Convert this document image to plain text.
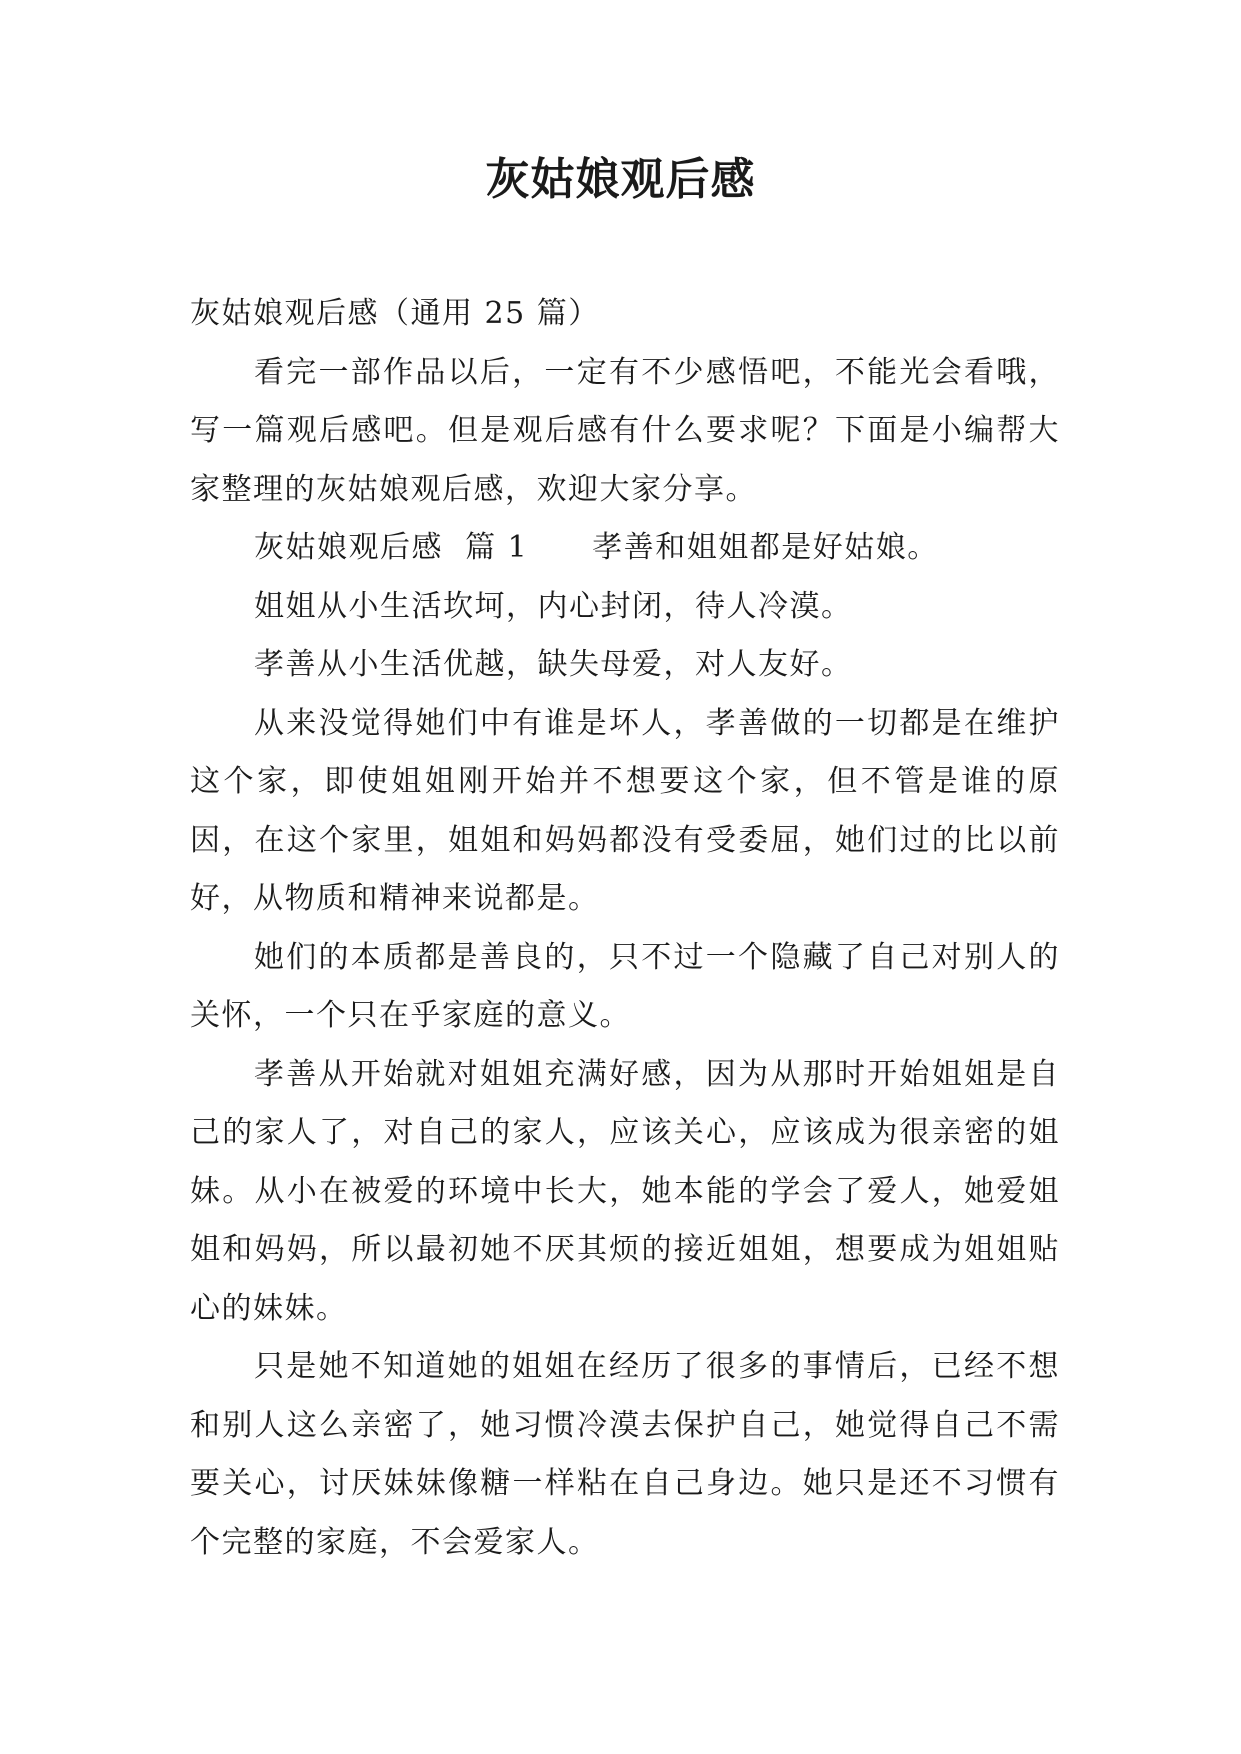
灰姑娘观后感

灰姑娘观后感（通用 25 篇）

看完一部作品以后，一定有不少感悟吧，不能光会看哦，写一篇观后感吧。但是观后感有什么要求呢？下面是小编帮大家整理的灰姑娘观后感，欢迎大家分享。

灰姑娘观后感  篇 1 孝善和姐姐都是好姑娘。

姐姐从小生活坎坷，内心封闭，待人冷漠。

孝善从小生活优越，缺失母爱，对人友好。

从来没觉得她们中有谁是坏人，孝善做的一切都是在维护这个家，即使姐姐刚开始并不想要这个家，但不管是谁的原因，在这个家里，姐姐和妈妈都没有受委屈，她们过的比以前好，从物质和精神来说都是。

她们的本质都是善良的，只不过一个隐藏了自己对别人的关怀，一个只在乎家庭的意义。

孝善从开始就对姐姐充满好感，因为从那时开始姐姐是自己的家人了，对自己的家人，应该关心，应该成为很亲密的姐妹。从小在被爱的环境中长大，她本能的学会了爱人，她爱姐姐和妈妈，所以最初她不厌其烦的接近姐姐，想要成为姐姐贴心的妹妹。

只是她不知道她的姐姐在经历了很多的事情后，已经不想和别人这么亲密了，她习惯冷漠去保护自己，她觉得自己不需要关心，讨厌妹妹像糖一样粘在自己身边。她只是还不习惯有个完整的家庭，不会爱家人。
